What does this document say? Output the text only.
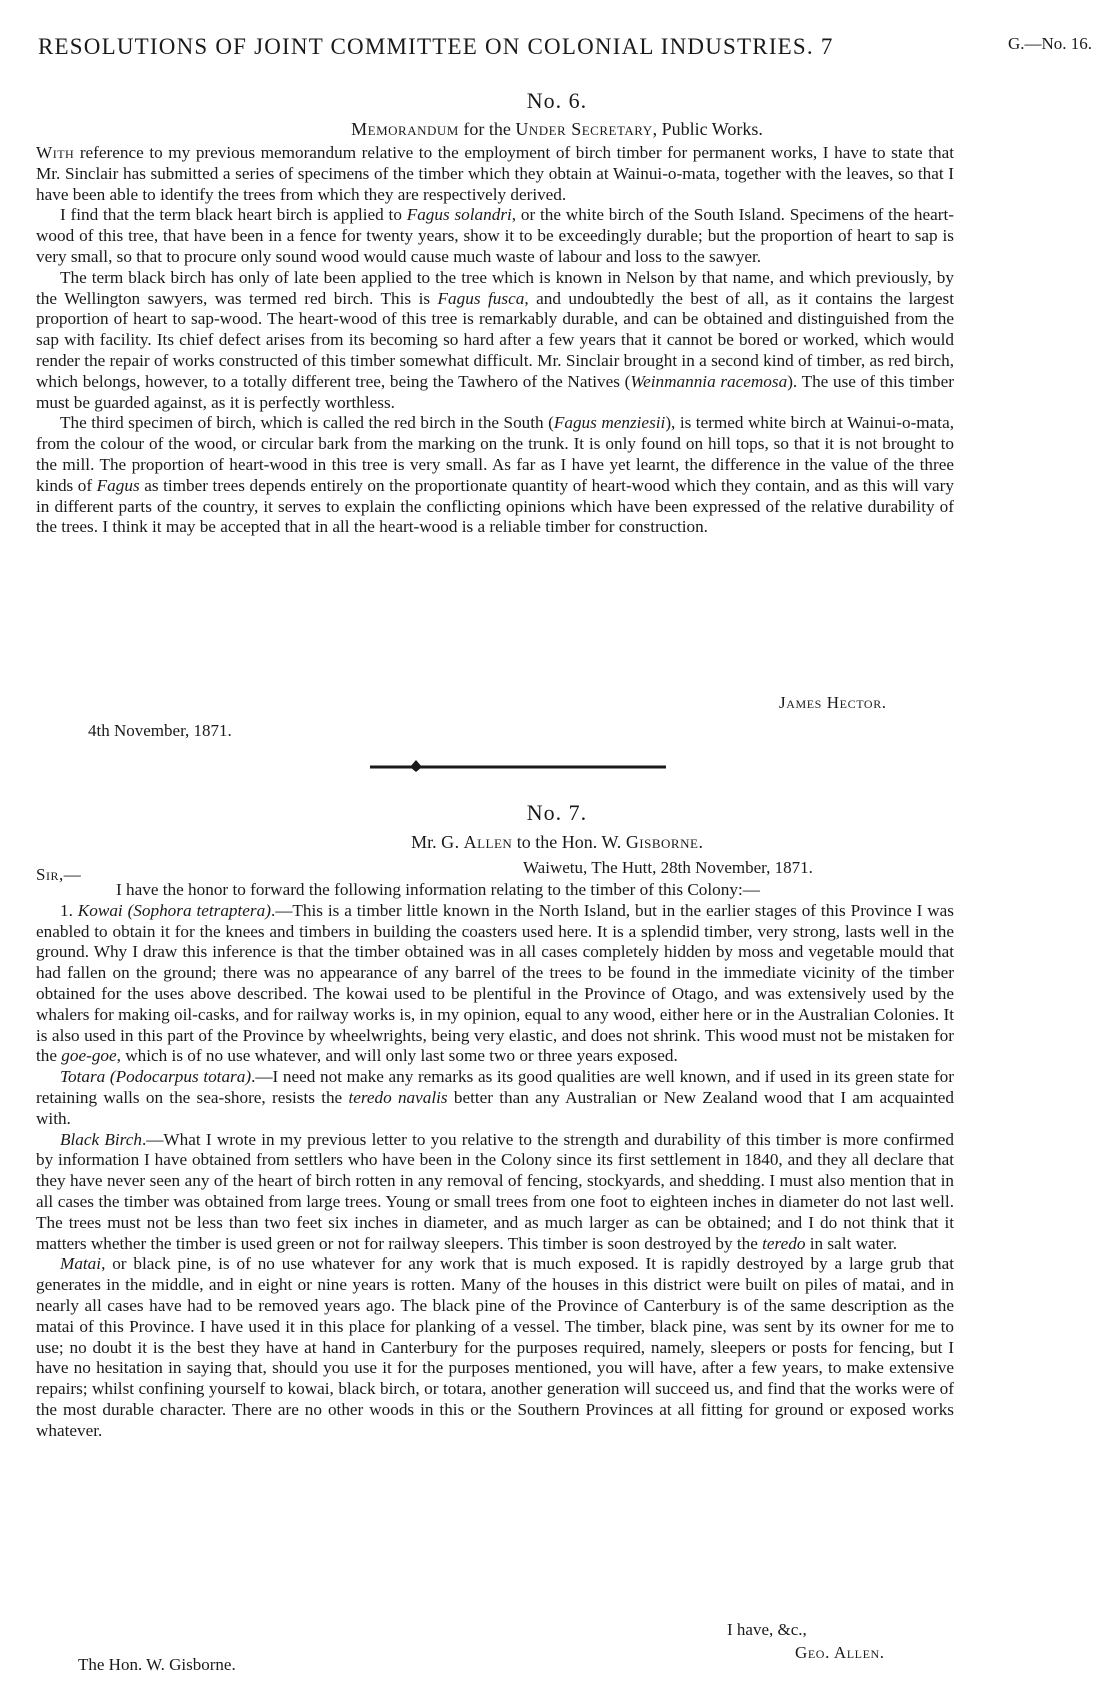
RESOLUTIONS OF JOINT COMMITTEE ON COLONIAL INDUSTRIES. 7	G.—No. 16.
No. 6.
Memorandum for the Under Secretary, Public Works.

With reference to my previous memorandum relative to the employment of birch timber for permanent works, I have to state that Mr. Sinclair has submitted a series of specimens of the timber which they obtain at Wainui-o-mata, together with the leaves, so that I have been able to identify the trees from which they are respectively derived.

I find that the term black heart birch is applied to Fagus solandri, or the white birch of the South Island. Specimens of the heart-wood of this tree, that have been in a fence for twenty years, show it to be exceedingly durable; but the proportion of heart to sap is very small, so that to procure only sound wood would cause much waste of labour and loss to the sawyer.

The term black birch has only of late been applied to the tree which is known in Nelson by that name, and which previously, by the Wellington sawyers, was termed red birch. This is Fagus fusca, and undoubtedly the best of all, as it contains the largest proportion of heart to sap-wood. The heart-wood of this tree is remarkably durable, and can be obtained and distinguished from the sap with facility. Its chief defect arises from its becoming so hard after a few years that it cannot be bored or worked, which would render the repair of works constructed of this timber somewhat difficult. Mr. Sinclair brought in a second kind of timber, as red birch, which belongs, however, to a totally different tree, being the Tawhero of the Natives (Weinmannia racemosa). The use of this timber must be guarded against, as it is perfectly worthless.

The third specimen of birch, which is called the red birch in the South (Fagus menziesii), is termed white birch at Wainui-o-mata, from the colour of the wood, or circular bark from the marking on the trunk. It is only found on hill tops, so that it is not brought to the mill. The proportion of heart-wood in this tree is very small. As far as I have yet learnt, the difference in the value of the three kinds of Fagus as timber trees depends entirely on the proportionate quantity of heart-wood which they contain, and as this will vary in different parts of the country, it serves to explain the conflicting opinions which have been expressed of the relative durability of the trees. I think it may be accepted that in all the heart-wood is a reliable timber for construction.

James Hector.
4th November, 1871.
No. 7.
Mr. G. Allen to the Hon. W. Gisborne.
Sir,—	Waiwetu, The Hutt, 28th November, 1871.

I have the honor to forward the following information relating to the timber of this Colony:—

1. Kowai (Sophora tetraptera).—This is a timber little known in the North Island, but in the earlier stages of this Province I was enabled to obtain it for the knees and timbers in building the coasters used here. It is a splendid timber, very strong, lasts well in the ground. Why I draw this inference is that the timber obtained was in all cases completely hidden by moss and vegetable mould that had fallen on the ground; there was no appearance of any barrel of the trees to be found in the immediate vicinity of the timber obtained for the uses above described. The kowai used to be plentiful in the Province of Otago, and was extensively used by the whalers for making oil-casks, and for railway works is, in my opinion, equal to any wood, either here or in the Australian Colonies. It is also used in this part of the Province by wheelwrights, being very elastic, and does not shrink. This wood must not be mistaken for the goe-goe, which is of no use whatever, and will only last some two or three years exposed.

Totara (Podocarpus totara).—I need not make any remarks as its good qualities are well known, and if used in its green state for retaining walls on the sea-shore, resists the teredo navalis better than any Australian or New Zealand wood that I am acquainted with.

Black Birch.—What I wrote in my previous letter to you relative to the strength and durability of this timber is more confirmed by information I have obtained from settlers who have been in the Colony since its first settlement in 1840, and they all declare that they have never seen any of the heart of birch rotten in any removal of fencing, stockyards, and shedding. I must also mention that in all cases the timber was obtained from large trees. Young or small trees from one foot to eighteen inches in diameter do not last well. The trees must not be less than two feet six inches in diameter, and as much larger as can be obtained; and I do not think that it matters whether the timber is used green or not for railway sleepers. This timber is soon destroyed by the teredo in salt water.

Matai, or black pine, is of no use whatever for any work that is much exposed. It is rapidly destroyed by a large grub that generates in the middle, and in eight or nine years is rotten. Many of the houses in this district were built on piles of matai, and in nearly all cases have had to be removed years ago. The black pine of the Province of Canterbury is of the same description as the matai of this Province. I have used it in this place for planking of a vessel. The timber, black pine, was sent by its owner for me to use; no doubt it is the best they have at hand in Canterbury for the purposes required, namely, sleepers or posts for fencing, but I have no hesitation in saying that, should you use it for the purposes mentioned, you will have, after a few years, to make extensive repairs; whilst confining yourself to kowai, black birch, or totara, another generation will succeed us, and find that the works were of the most durable character. There are no other woods in this or the Southern Provinces at all fitting for ground or exposed works whatever.

I have, &c.,
Geo. Allen.
The Hon. W. Gisborne.
